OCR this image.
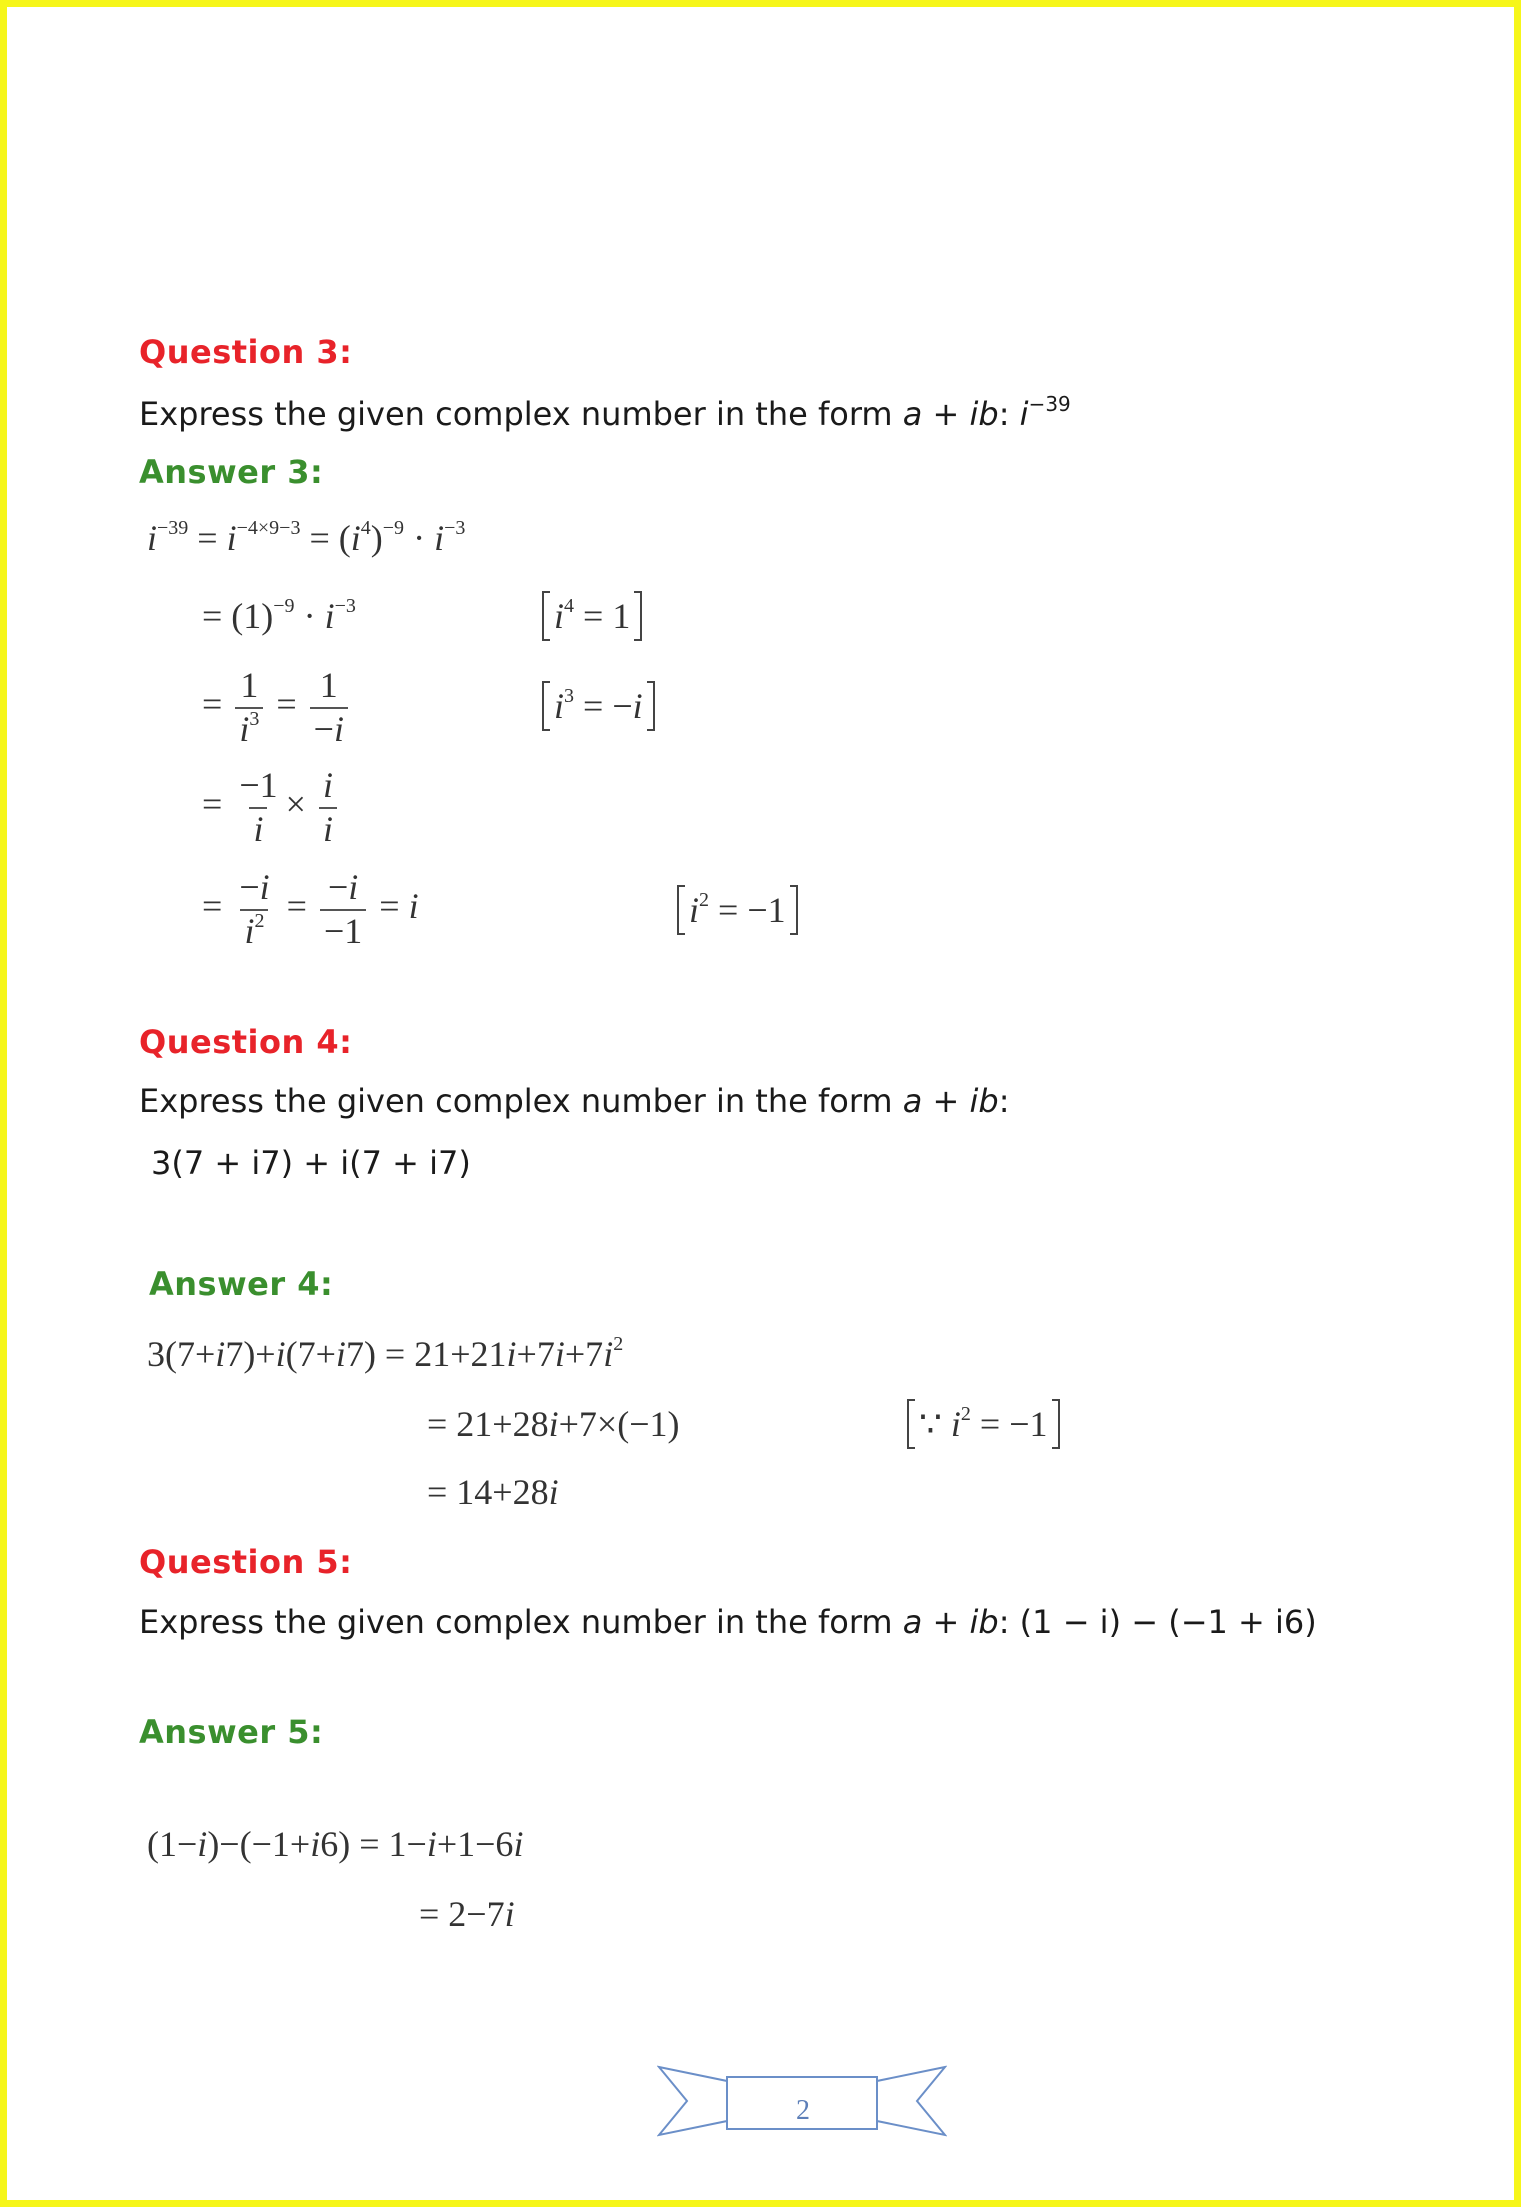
Question 3:
Express the given complex number in the form a + ib: $i^{-39}$
Answer 3:
$i^{-39} = i^{-4\times 9-3} = (i^4)^{-9} \cdot i^{-3}$
= $(1)^{-9} \cdot i^{-3}$	$i^4 = 1$
= $\frac{1}{i^3} = \frac{1}{-i}$	$i^3 = -i$
= $\frac{-1}{i} \times \frac{i}{i}$
= $\frac{-i}{i^2} = \frac{-i}{-1} = i$	$i^2 = -1$
Question 4:
Express the given complex number in the form a + ib:
3(7 + i7) + i(7 + i7)
Answer 4:
$3(7+i7)+i(7+i7) = 21+21i+7i+7i^2$
= 21+28i+7×(−1)	∵ $i^2 = -1$
= 14+28i
Question 5:
Express the given complex number in the form a + ib: (1 − i) − (−1 + i6)
Answer 5:
(1−i)−(−1+i6) = 1−i+1−6i
= 2−7i
2
